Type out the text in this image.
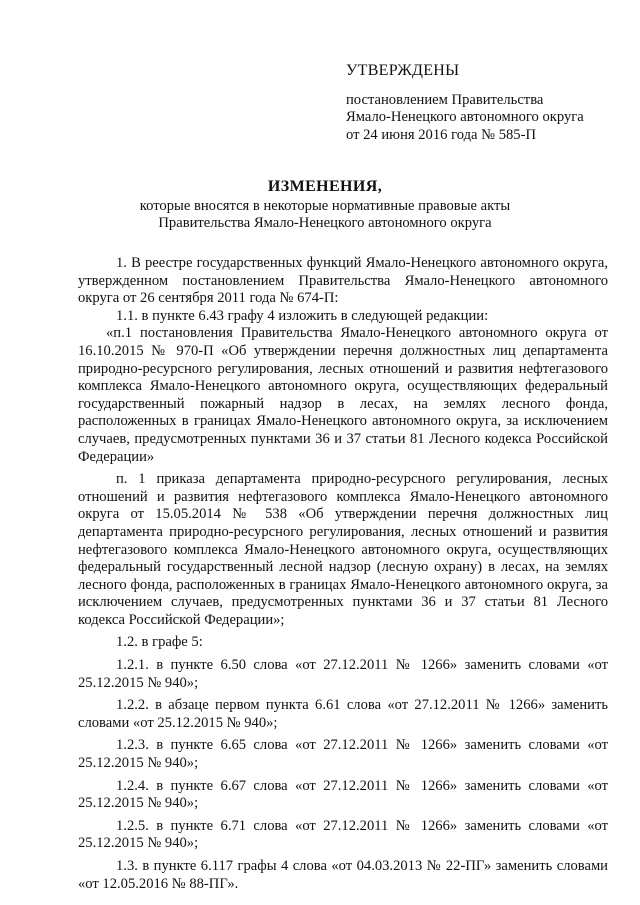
УТВЕРЖДЕНЫ
постановлением Правительства
Ямало-Ненецкого автономного округа
от 24 июня 2016 года № 585-П
ИЗМЕНЕНИЯ,
которые вносятся в некоторые нормативные правовые акты
Правительства Ямало-Ненецкого автономного округа

1. В реестре государственных функций Ямало-Ненецкого автономного округа, утвержденном постановлением Правительства Ямало-Ненецкого автономного округа от 26 сентября 2011 года № 674-П:

1.1. в пункте 6.43 графу 4 изложить в следующей редакции:

«п.1 постановления Правительства Ямало-Ненецкого автономного округа от 16.10.2015 № 970-П «Об утверждении перечня должностных лиц департамента природно-ресурсного регулирования, лесных отношений и развития нефтегазового комплекса Ямало-Ненецкого автономного округа, осуществляющих федеральный государственный пожарный надзор в лесах, на землях лесного фонда, расположенных в границах Ямало-Ненецкого автономного округа, за исключением случаев, предусмотренных пунктами 36 и 37 статьи 81 Лесного кодекса Российской Федерации»

п. 1 приказа департамента природно-ресурсного регулирования, лесных отношений и развития нефтегазового комплекса Ямало-Ненецкого автономного округа от 15.05.2014 № 538 «Об утверждении перечня должностных лиц департамента природно-ресурсного регулирования, лесных отношений и развития нефтегазового комплекса Ямало-Ненецкого автономного округа, осуществляющих федеральный государственный лесной надзор (лесную охрану) в лесах, на землях лесного фонда, расположенных в границах Ямало-Ненецкого автономного округа, за исключением случаев, предусмотренных пунктами 36 и 37 статьи 81 Лесного кодекса Российской Федерации»;

1.2. в графе 5:

1.2.1. в пункте 6.50 слова «от 27.12.2011 № 1266» заменить словами «от 25.12.2015 № 940»;

1.2.2. в абзаце первом пункта 6.61 слова «от 27.12.2011 № 1266» заменить словами «от 25.12.2015 № 940»;

1.2.3. в пункте 6.65 слова «от 27.12.2011 № 1266» заменить словами «от 25.12.2015 № 940»;

1.2.4. в пункте 6.67 слова «от 27.12.2011 № 1266» заменить словами «от 25.12.2015 № 940»;

1.2.5. в пункте 6.71 слова «от 27.12.2011 № 1266» заменить словами «от 25.12.2015 № 940»;

1.3. в пункте 6.117 графы 4 слова «от 04.03.2013 № 22-ПГ» заменить словами «от 12.05.2016 № 88-ПГ».
